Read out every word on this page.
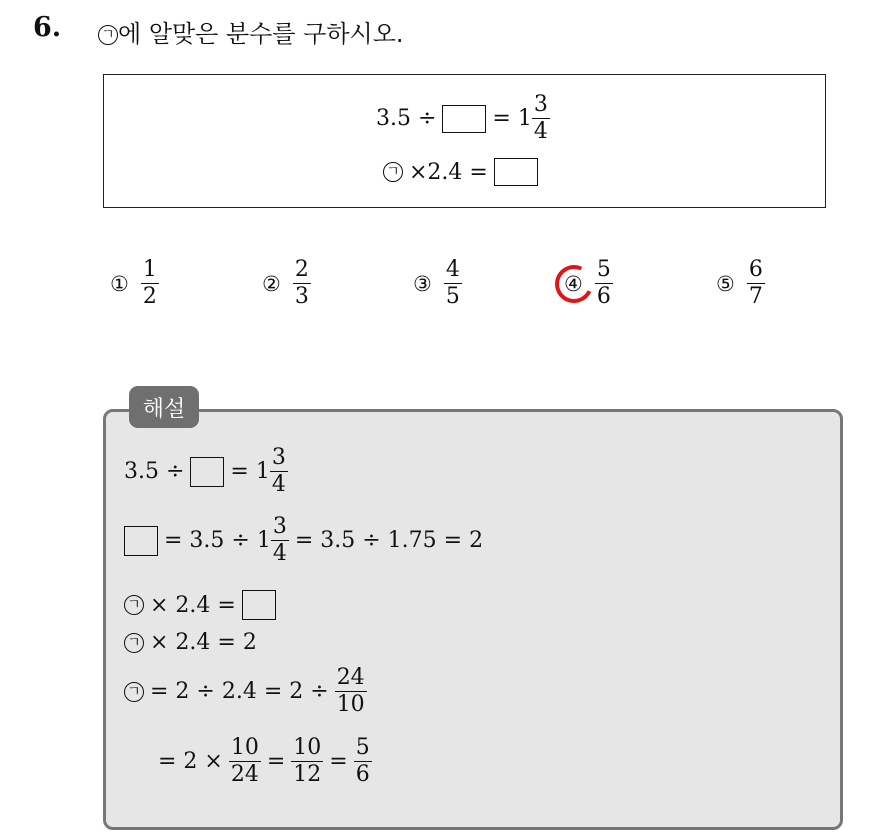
6.	ㄱ 에 알맞은 분수를 구하시오.
3.5 ÷	= $1 \frac{3}{4}$
ㄱ ×2.4 =
① $\frac{1}{2}$	② $\frac{2}{3}$	③ $\frac{4}{5}$	④ $\frac{5}{6}$	⑤ $\frac{6}{7}$
해설
3.5 ÷ = $1 \frac{3}{4}$
= $3.5 \div 1 \frac{3}{4} = 3.5 \div 1.75 = 2$
ㄱ × 2.4 =
ㄱ × 2.4 = 2
ㄱ = $2 \div 2.4 = 2 \div \frac{24}{10}$
= $2 \times \frac{10}{24} = \frac{10}{12} = \frac{5}{6}$
